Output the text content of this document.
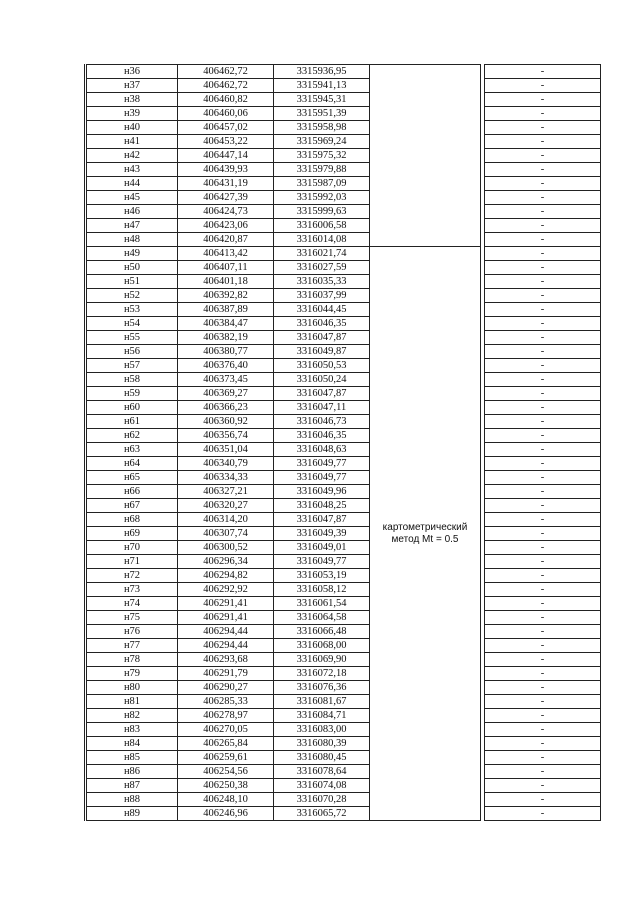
н36	406462,72	3315936,95			-
н37	406462,72	3315941,13			-
н38	406460,82	3315945,31			-
н39	406460,06	3315951,39			-
н40	406457,02	3315958,98			-
н41	406453,22	3315969,24			-
н42	406447,14	3315975,32			-
н43	406439,93	3315979,88			-
н44	406431,19	3315987,09			-
н45	406427,39	3315992,03			-
н46	406424,73	3315999,63			-
н47	406423,06	3316006,58			-
н48	406420,87	3316014,08			-
н49	406413,42	3316021,74	картометрический
метод Mt = 0.5		-
н50	406407,11	3316027,59			-
н51	406401,18	3316035,33			-
н52	406392,82	3316037,99			-
н53	406387,89	3316044,45			-
н54	406384,47	3316046,35			-
н55	406382,19	3316047,87			-
н56	406380,77	3316049,87			-
н57	406376,40	3316050,53			-
н58	406373,45	3316050,24			-
н59	406369,27	3316047,87			-
н60	406366,23	3316047,11			-
н61	406360,92	3316046,73			-
н62	406356,74	3316046,35			-
н63	406351,04	3316048,63			-
н64	406340,79	3316049,77			-
н65	406334,33	3316049,77			-
н66	406327,21	3316049,96			-
н67	406320,27	3316048,25			-
н68	406314,20	3316047,87			-
н69	406307,74	3316049,39			-
н70	406300,52	3316049,01			-
н71	406296,34	3316049,77			-
н72	406294,82	3316053,19			-
н73	406292,92	3316058,12			-
н74	406291,41	3316061,54			-
н75	406291,41	3316064,58			-
н76	406294,44	3316066,48			-
н77	406294,44	3316068,00			-
н78	406293,68	3316069,90			-
н79	406291,79	3316072,18			-
н80	406290,27	3316076,36			-
н81	406285,33	3316081,67			-
н82	406278,97	3316084,71			-
н83	406270,05	3316083,00			-
н84	406265,84	3316080,39			-
н85	406259,61	3316080,45			-
н86	406254,56	3316078,64			-
н87	406250,38	3316074,08			-
н88	406248,10	3316070,28			-
н89	406246,96	3316065,72			-
